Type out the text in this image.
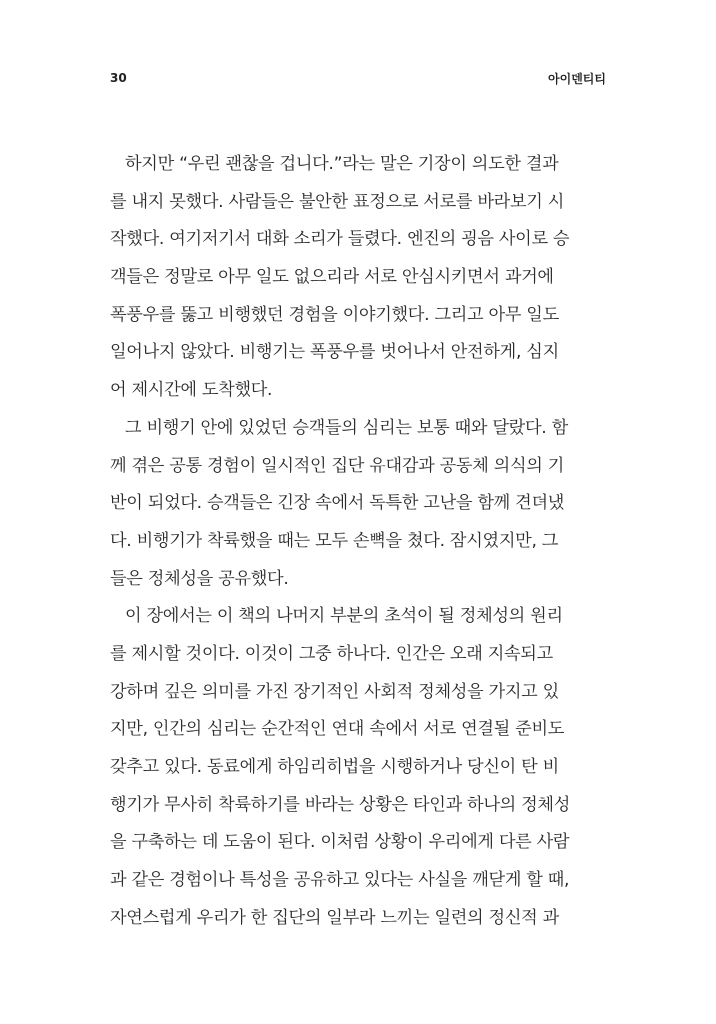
30	아이덴티티
하지만 “우린 괜찮을 겁니다.”라는 말은 기장이 의도한 결과
를 내지 못했다. 사람들은 불안한 표정으로 서로를 바라보기 시
작했다. 여기저기서 대화 소리가 들렸다. 엔진의 굉음 사이로 승
객들은 정말로 아무 일도 없으리라 서로 안심시키면서 과거에
폭풍우를 뚫고 비행했던 경험을 이야기했다. 그리고 아무 일도
일어나지 않았다. 비행기는 폭풍우를 벗어나서 안전하게, 심지
어 제시간에 도착했다.
그 비행기 안에 있었던 승객들의 심리는 보통 때와 달랐다. 함
께 겪은 공통 경험이 일시적인 집단 유대감과 공동체 의식의 기
반이 되었다. 승객들은 긴장 속에서 독특한 고난을 함께 견뎌냈
다. 비행기가 착륙했을 때는 모두 손뼉을 쳤다. 잠시였지만, 그
들은 정체성을 공유했다.
이 장에서는 이 책의 나머지 부분의 초석이 될 정체성의 원리
를 제시할 것이다. 이것이 그중 하나다. 인간은 오래 지속되고
강하며 깊은 의미를 가진 장기적인 사회적 정체성을 가지고 있
지만, 인간의 심리는 순간적인 연대 속에서 서로 연결될 준비도
갖추고 있다. 동료에게 하임리히법을 시행하거나 당신이 탄 비
행기가 무사히 착륙하기를 바라는 상황은 타인과 하나의 정체성
을 구축하는 데 도움이 된다. 이처럼 상황이 우리에게 다른 사람
과 같은 경험이나 특성을 공유하고 있다는 사실을 깨닫게 할 때,
자연스럽게 우리가 한 집단의 일부라 느끼는 일련의 정신적 과
